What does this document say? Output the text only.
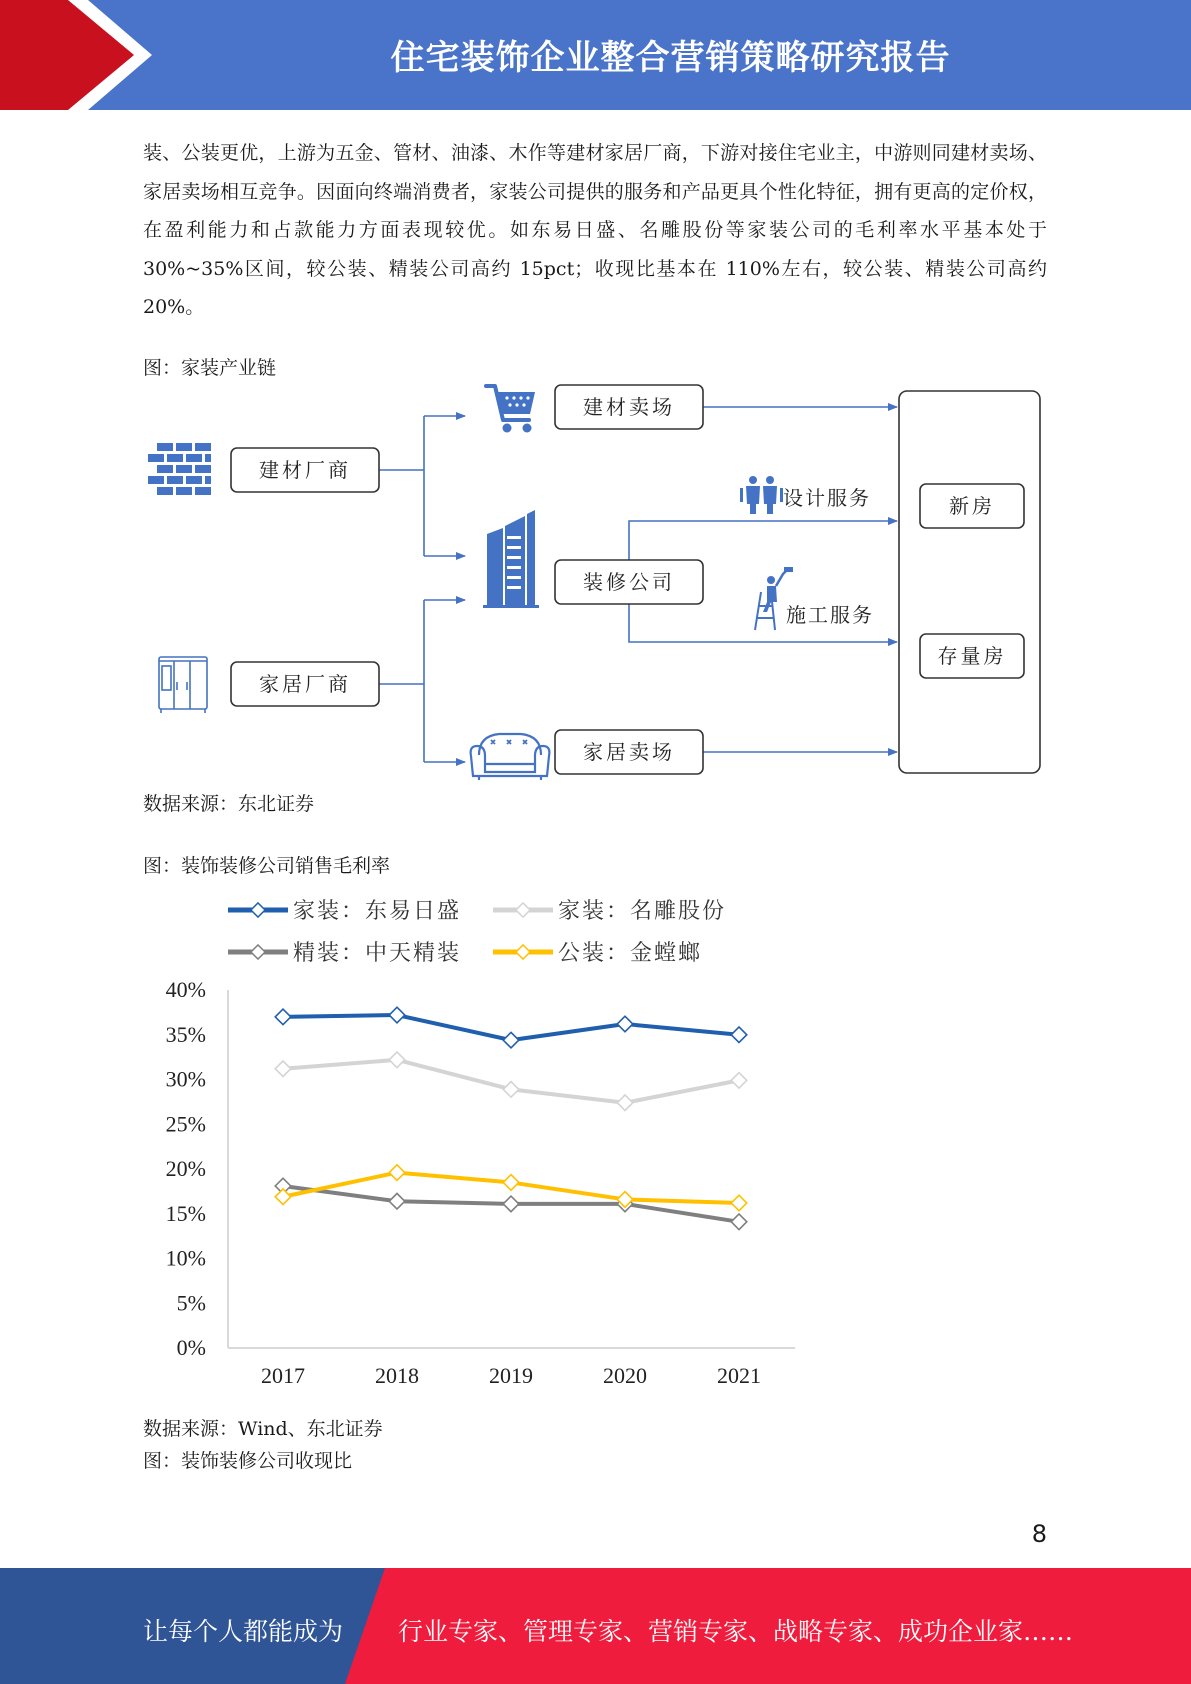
住宅装饰企业整合营销策略研究报告
装、公装更优，上游为五金、管材、油漆、木作等建材家居厂商，下游对接住宅业主，中游则同建材卖场、家居卖场相互竞争。因面向终端消费者，家装公司提供的服务和产品更具个性化特征，拥有更高的定价权，在盈利能力和占款能力方面表现较优。如东易日盛、名雕股份等家装公司的毛利率水平基本处于 30%~35%区间，较公装、精装公司高约 15pct；收现比基本在 110%左右，较公装、精装公司高约 20%。
图：家装产业链
建材厂商
家居厂商
建材卖场
装修公司
家居卖场
新房
存量房
设计服务
施工服务
数据来源：东北证券
图：装饰装修公司销售毛利率
家装：东易日盛	家装：名雕股份
精装：中天精装	公装：金螳螂
0%
5%
10%
15%
20%
25%
30%
35%
40%
2017	2018	2019	2020	2021
数据来源：Wind、东北证券
图：装饰装修公司收现比
8
让每个人都能成为 行业专家、管理专家、营销专家、战略专家、成功企业家……
